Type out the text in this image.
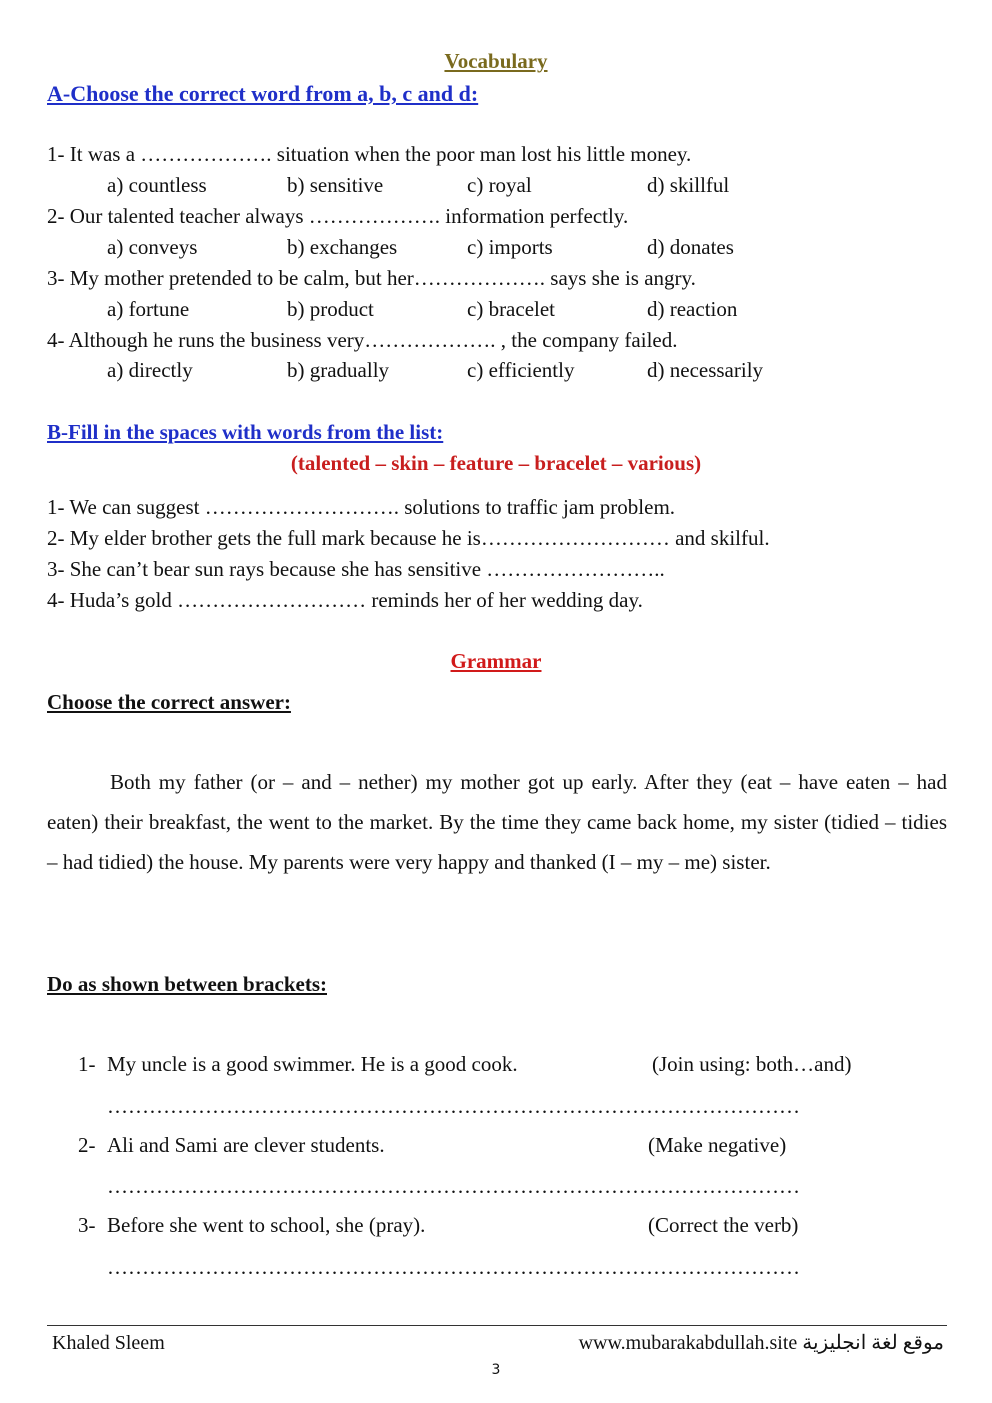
Vocabulary
A-Choose the correct word from a, b, c and d:
1- It was a ………………. situation when the poor man lost his little money.
a) countless	b) sensitive	c) royal	d) skillful
2- Our talented teacher always ………………. information perfectly.
a) conveys	b) exchanges	c) imports	d) donates
3- My mother pretended to be calm, but her………………. says she is angry.
a) fortune	b) product	c) bracelet	d) reaction
4- Although he runs the business very………………. , the company failed.
a) directly	b) gradually	c) efficiently	d) necessarily
B-Fill in the spaces with words from the list:
(talented – skin – feature – bracelet – various)
1- We can suggest ………………………. solutions to traffic jam problem.
2- My elder brother gets the full mark because he is……………………… and skilful.
3- She can’t bear sun rays because she has sensitive ……………………..
4- Huda’s gold ……………………… reminds her of her wedding day.
Grammar
Choose the correct answer:
Both my father (or – and – nether) my mother got up early. After they (eat – have eaten – had eaten) their breakfast, the went to the market. By the time they came back home, my sister (tidied – tidies – had tidied) the house. My parents were very happy and thanked (I – my – me) sister.
Do as shown between brackets:
1- My uncle is a good swimmer. He is a good cook.	(Join using: both…and)
………………………………………………………………………………………
2- Ali and Sami are clever students.	(Make negative)
………………………………………………………………………………………
3- Before she went to school, she (pray).	(Correct the verb)
………………………………………………………………………………………
Khaled Sleem	www.mubarakabdullah.site موقع لغة انجليزية
3
